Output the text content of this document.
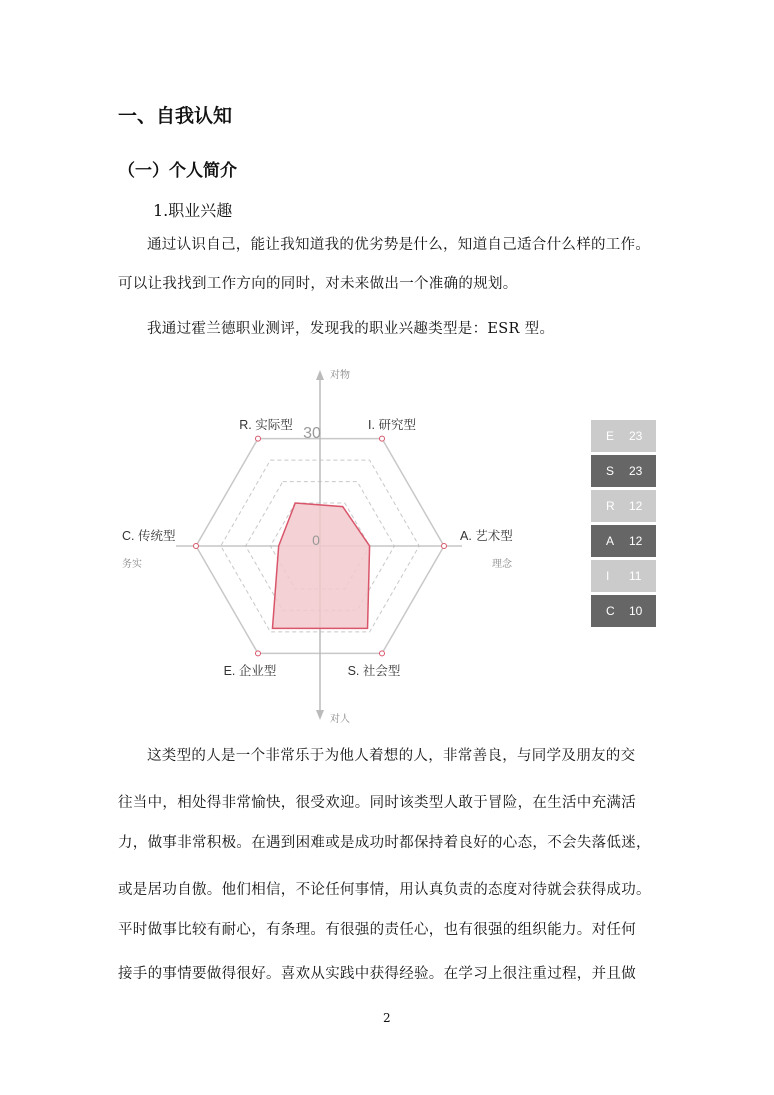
一、自我认知
（一）个人简介
1.职业兴趣
通过认识自己，能让我知道我的优劣势是什么，知道自己适合什么样的工作。
可以让我找到工作方向的同时，对未来做出一个准确的规划。
我通过霍兰德职业测评，发现我的职业兴趣类型是：ESR 型。
R. 实际型	I. 研究型
A. 艺术型
S. 社会型
E. 企业型
C. 传统型
对物
对人
务实	理念
30
0
E 23
S 23
R 12
A 12
I 11
C 10
这类型的人是一个非常乐于为他人着想的人，非常善良，与同学及朋友的交
往当中，相处得非常愉快，很受欢迎。同时该类型人敢于冒险，在生活中充满活
力，做事非常积极。在遇到困难或是成功时都保持着良好的心态，不会失落低迷，
或是居功自傲。他们相信，不论任何事情，用认真负责的态度对待就会获得成功。
平时做事比较有耐心，有条理。有很强的责任心，也有很强的组织能力。对任何
接手的事情要做得很好。喜欢从实践中获得经验。在学习上很注重过程，并且做
2
